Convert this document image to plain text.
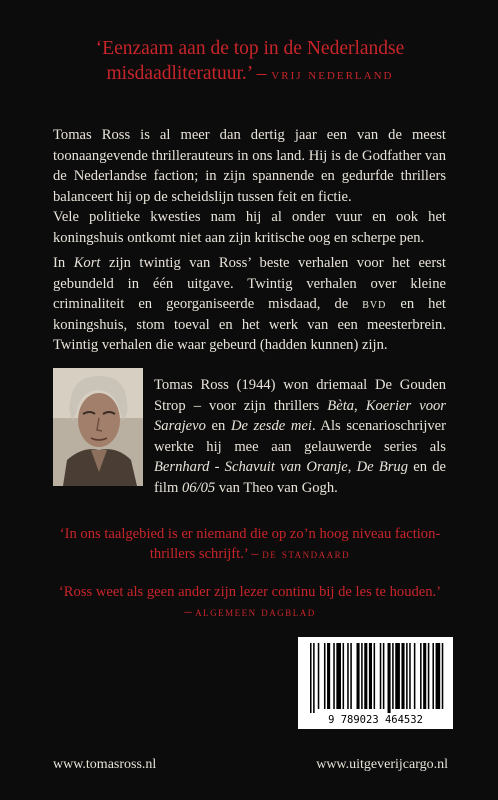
‘Eenzaam aan de top in de Nederlandse misdaadliteratuur.’ – vrij nederland

Tomas Ross is al meer dan dertig jaar een van de meest toonaangevende thrillerauteurs in ons land. Hij is de Godfather van de Nederlandse faction; in zijn spannende en gedurfde thrillers balanceert hij op de scheidslijn tussen feit en fictie.

Vele politieke kwesties nam hij al onder vuur en ook het koningshuis ontkomt niet aan zijn kritische oog en scherpe pen.

In Kort zijn twintig van Ross’ beste verhalen voor het eerst gebundeld in één uitgave. Twintig verhalen over kleine criminaliteit en georganiseerde misdaad, de bvd en het koningshuis, stom toeval en het werk van een meesterbrein. Twintig verhalen die waar gebeurd (hadden kunnen) zijn.

Tomas Ross (1944) won driemaal De Gouden Strop – voor zijn thrillers Bèta, Koerier voor Sarajevo en De zesde mei. Als scenarioschrijver werkte hij mee aan gelauwerde series als Bernhard - Schavuit van Oranje, De Brug en de film 06/05 van Theo van Gogh.

‘In ons taalgebied is er niemand die op zo’n hoog niveau faction-thrillers schrijft.’ – de standaard
‘Ross weet als geen ander zijn lezer continu bij de les te houden.’
– algemeen dagblad
9 789023 464532
www.tomasross.nl	www.uitgeverijcargo.nl
